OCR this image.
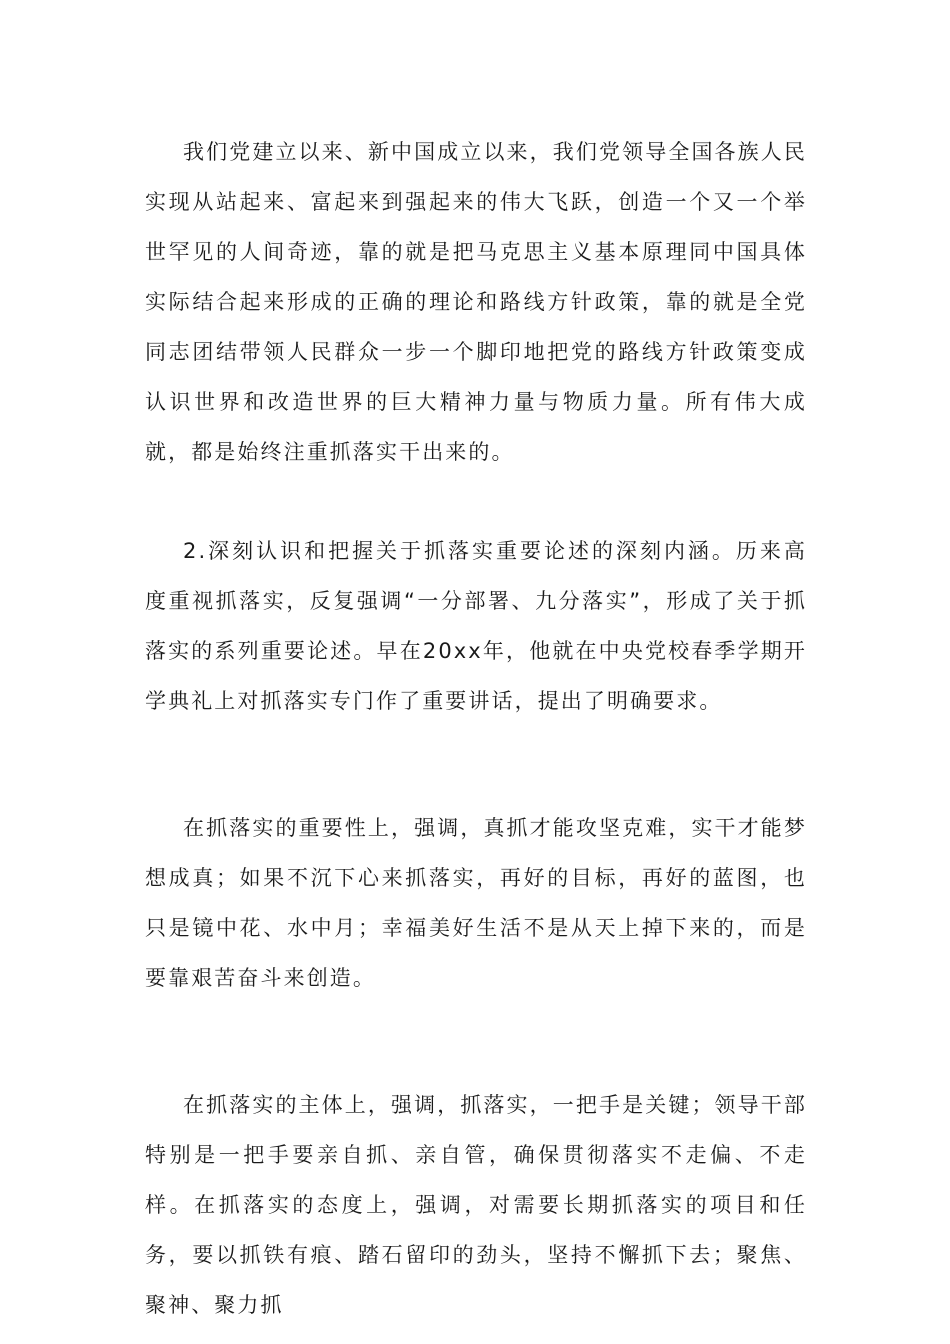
我们党建立以来、新中国成立以来，我们党领导全国各族人民实现从站起来、富起来到强起来的伟大飞跃，创造一个又一个举世罕见的人间奇迹，靠的就是把马克思主义基本原理同中国具体实际结合起来形成的正确的理论和路线方针政策，靠的就是全党同志团结带领人民群众一步一个脚印地把党的路线方针政策变成认识世界和改造世界的巨大精神力量与物质力量。所有伟大成就，都是始终注重抓落实干出来的。

2.深刻认识和把握关于抓落实重要论述的深刻内涵。历来高度重视抓落实，反复强调“一分部署、九分落实”，形成了关于抓落实的系列重要论述。早在20xx年，他就在中央党校春季学期开学典礼上对抓落实专门作了重要讲话，提出了明确要求。

在抓落实的重要性上，强调，真抓才能攻坚克难，实干才能梦想成真；如果不沉下心来抓落实，再好的目标，再好的蓝图，也只是镜中花、水中月；幸福美好生活不是从天上掉下来的，而是要靠艰苦奋斗来创造。

在抓落实的主体上，强调，抓落实，一把手是关键；领导干部特别是一把手要亲自抓、亲自管，确保贯彻落实不走偏、不走样。在抓落实的态度上，强调，对需要长期抓落实的项目和任务，要以抓铁有痕、踏石留印的劲头，坚持不懈抓下去；聚焦、聚神、聚力抓
